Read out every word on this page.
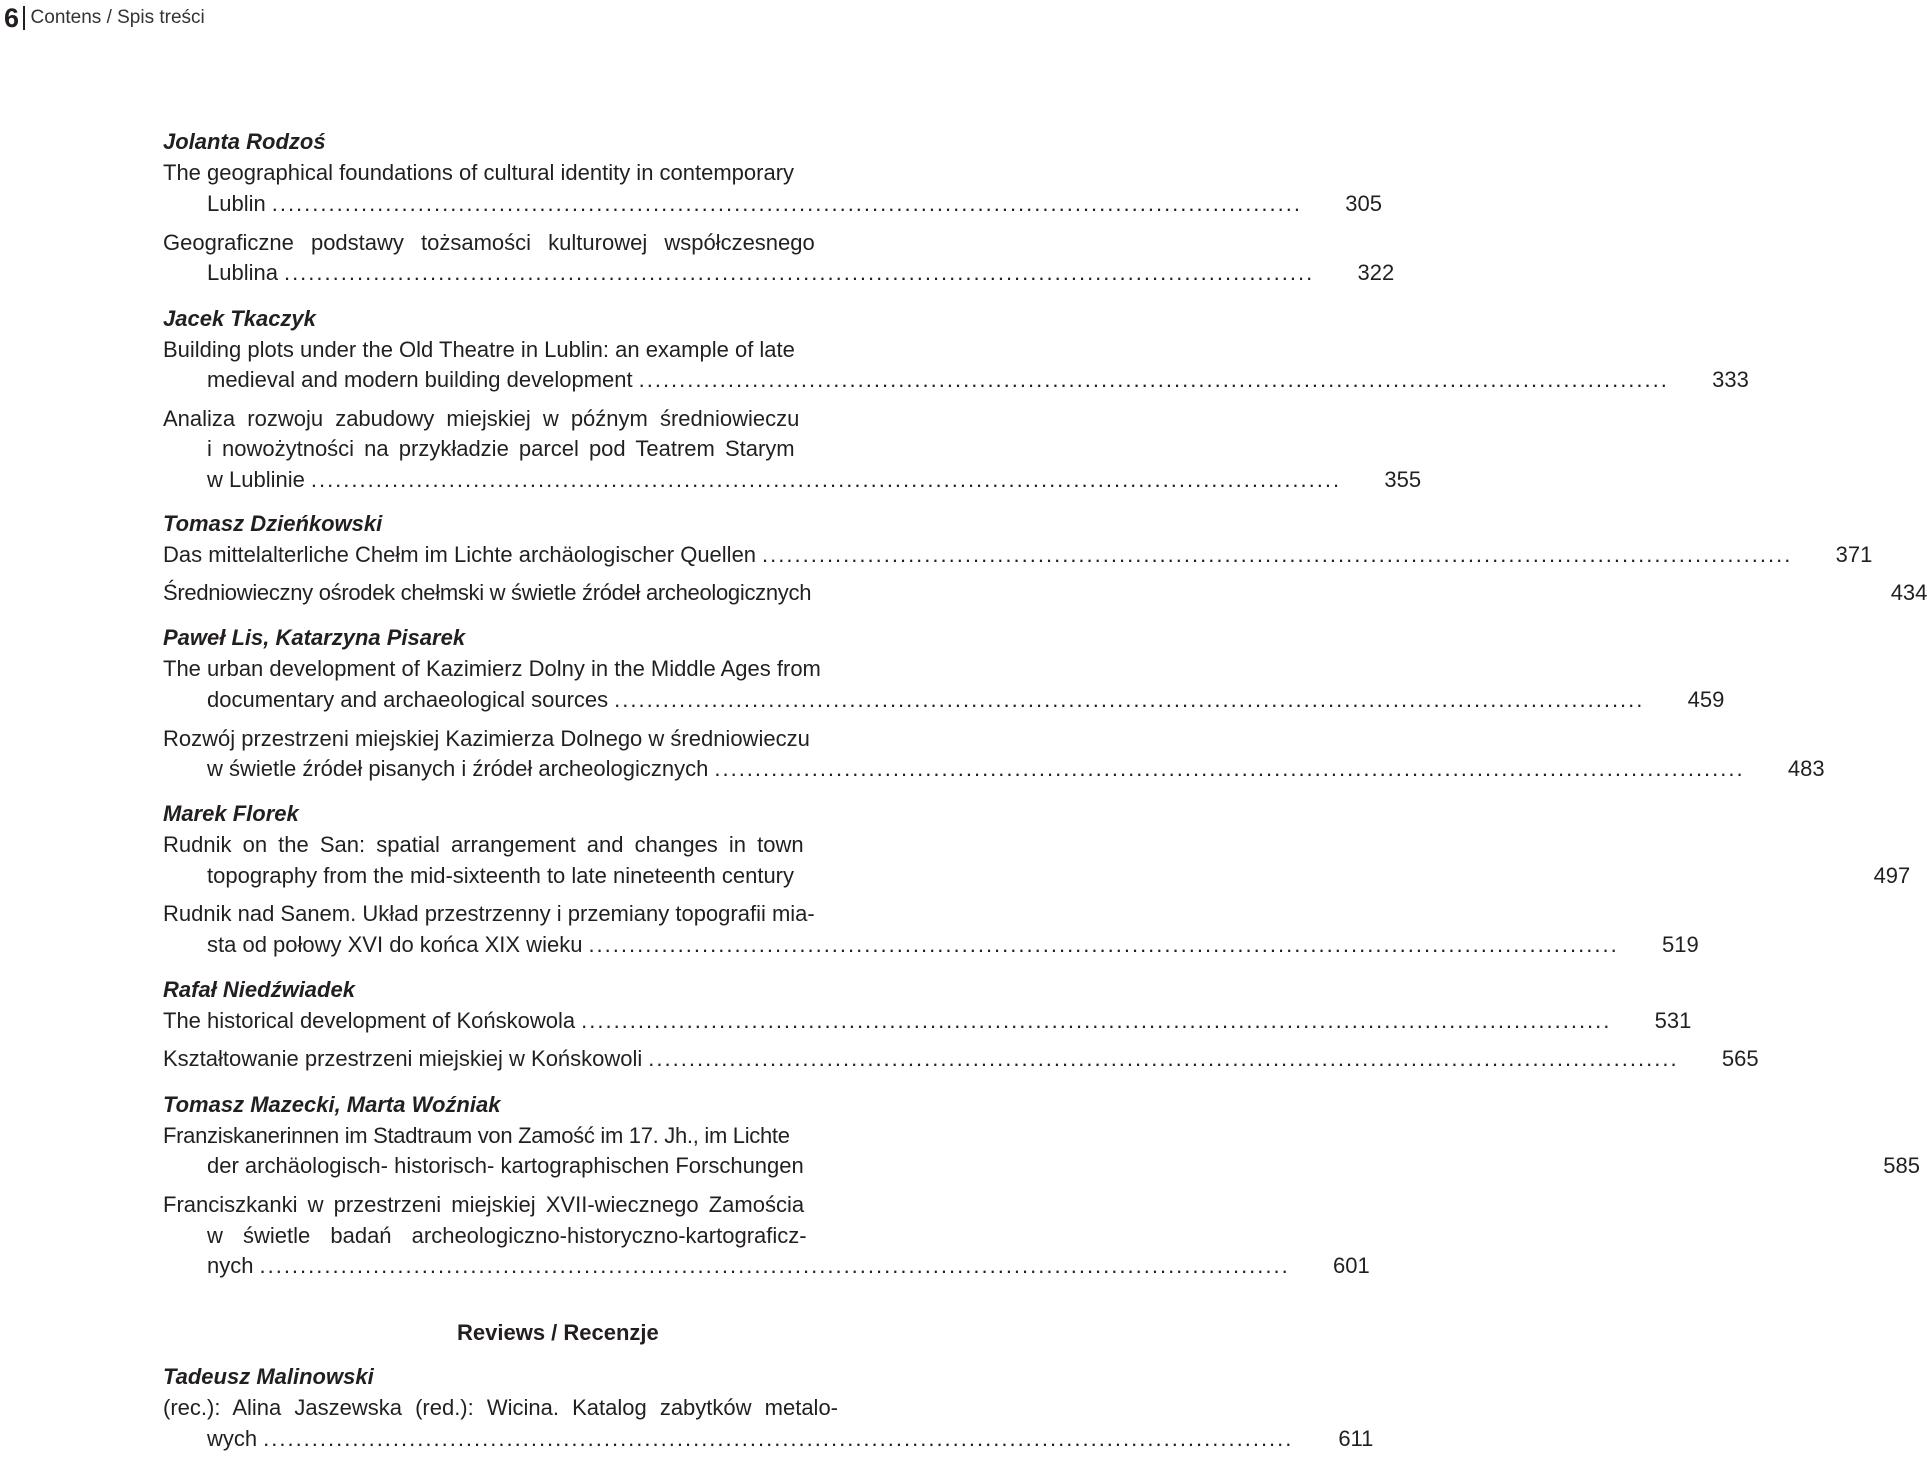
6 Contens / Spis treści
Jolanta Rodzoś
The geographical foundations of cultural identity in contemporary
Lublin ...............................................................................................................................	305
Geograficzne podstawy tożsamości kulturowej współczesnego
Lublina ...............................................................................................................................	322
Jacek Tkaczyk
Building plots under the Old Theatre in Lublin: an example of late
medieval and modern building development ...............................................................................................................................	333
Analiza rozwoju zabudowy miejskiej w późnym średniowieczu
i nowożytności na przykładzie parcel pod Teatrem Starym
w Lublinie ...............................................................................................................................	355
Tomasz Dzieńkowski
Das mittelalterliche Chełm im Lichte archäologischer Quellen ...............................................................................................................................	371
Średniowieczny ośrodek chełmski w świetle źródeł archeologicznych	434
Paweł Lis, Katarzyna Pisarek
The urban development of Kazimierz Dolny in the Middle Ages from
documentary and archaeological sources ...............................................................................................................................	459
Rozwój przestrzeni miejskiej Kazimierza Dolnego w średniowieczu
w świetle źródeł pisanych i źródeł archeologicznych ...............................................................................................................................	483
Marek Florek
Rudnik on the San: spatial arrangement and changes in town
topography from the mid-sixteenth to late nineteenth century	497
Rudnik nad Sanem. Układ przestrzenny i przemiany topografii mia-
sta od połowy XVI do końca XIX wieku ...............................................................................................................................	519
Rafał Niedźwiadek
The historical development of Końskowola ...............................................................................................................................	531
Kształtowanie przestrzeni miejskiej w Końskowoli ...............................................................................................................................	565
Tomasz Mazecki, Marta Woźniak
Franziskanerinnen im Stadtraum von Zamość im 17. Jh., im Lichte
der archäologisch- historisch- kartographischen Forschungen	585
Franciszkanki w przestrzeni miejskiej XVII-wiecznego Zamościa
w świetle badań archeologiczno-historyczno-kartograficz-
nych ...............................................................................................................................	601
Reviews / Recenzje
Tadeusz Malinowski
(rec.): Alina Jaszewska (red.): Wicina. Katalog zabytków metalo-
wych ...............................................................................................................................	611
